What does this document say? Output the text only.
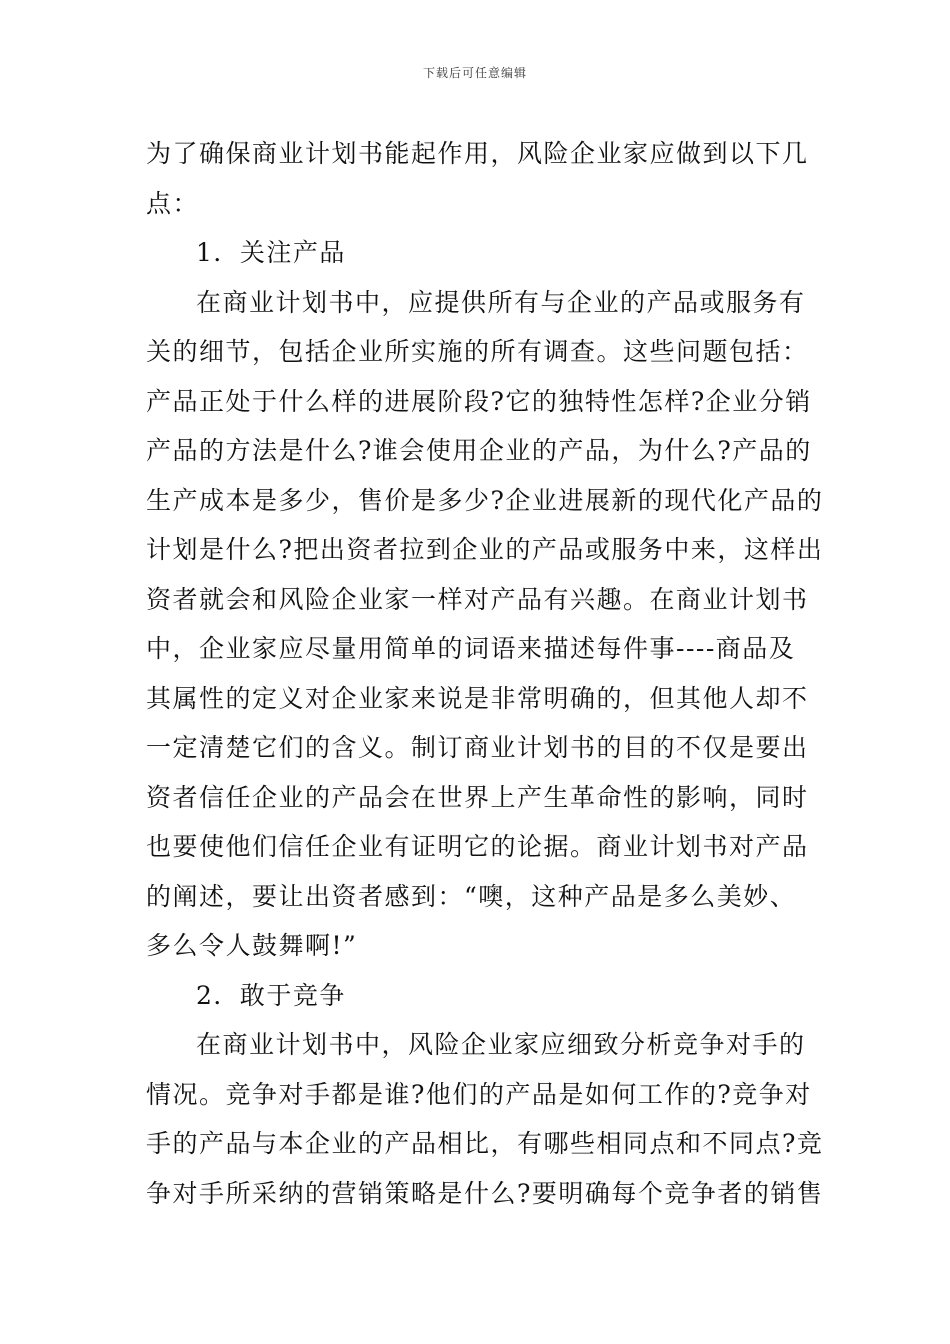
下载后可任意编辑
为了确保商业计划书能起作用，风险企业家应做到以下几
点：
1．关注产品
在商业计划书中，应提供所有与企业的产品或服务有
关的细节，包括企业所实施的所有调查。这些问题包括：
产品正处于什么样的进展阶段?它的独特性怎样?企业分销
产品的方法是什么?谁会使用企业的产品，为什么?产品的
生产成本是多少，售价是多少?企业进展新的现代化产品的
计划是什么?把出资者拉到企业的产品或服务中来，这样出
资者就会和风险企业家一样对产品有兴趣。在商业计划书
中，企业家应尽量用简单的词语来描述每件事----商品及
其属性的定义对企业家来说是非常明确的，但其他人却不
一定清楚它们的含义。制订商业计划书的目的不仅是要出
资者信任企业的产品会在世界上产生革命性的影响，同时
也要使他们信任企业有证明它的论据。商业计划书对产品
的阐述，要让出资者感到：“噢，这种产品是多么美妙、
多么令人鼓舞啊!”
2．敢于竞争
在商业计划书中，风险企业家应细致分析竞争对手的
情况。竞争对手都是谁?他们的产品是如何工作的?竞争对
手的产品与本企业的产品相比，有哪些相同点和不同点?竞
争对手所采纳的营销策略是什么?要明确每个竞争者的销售
